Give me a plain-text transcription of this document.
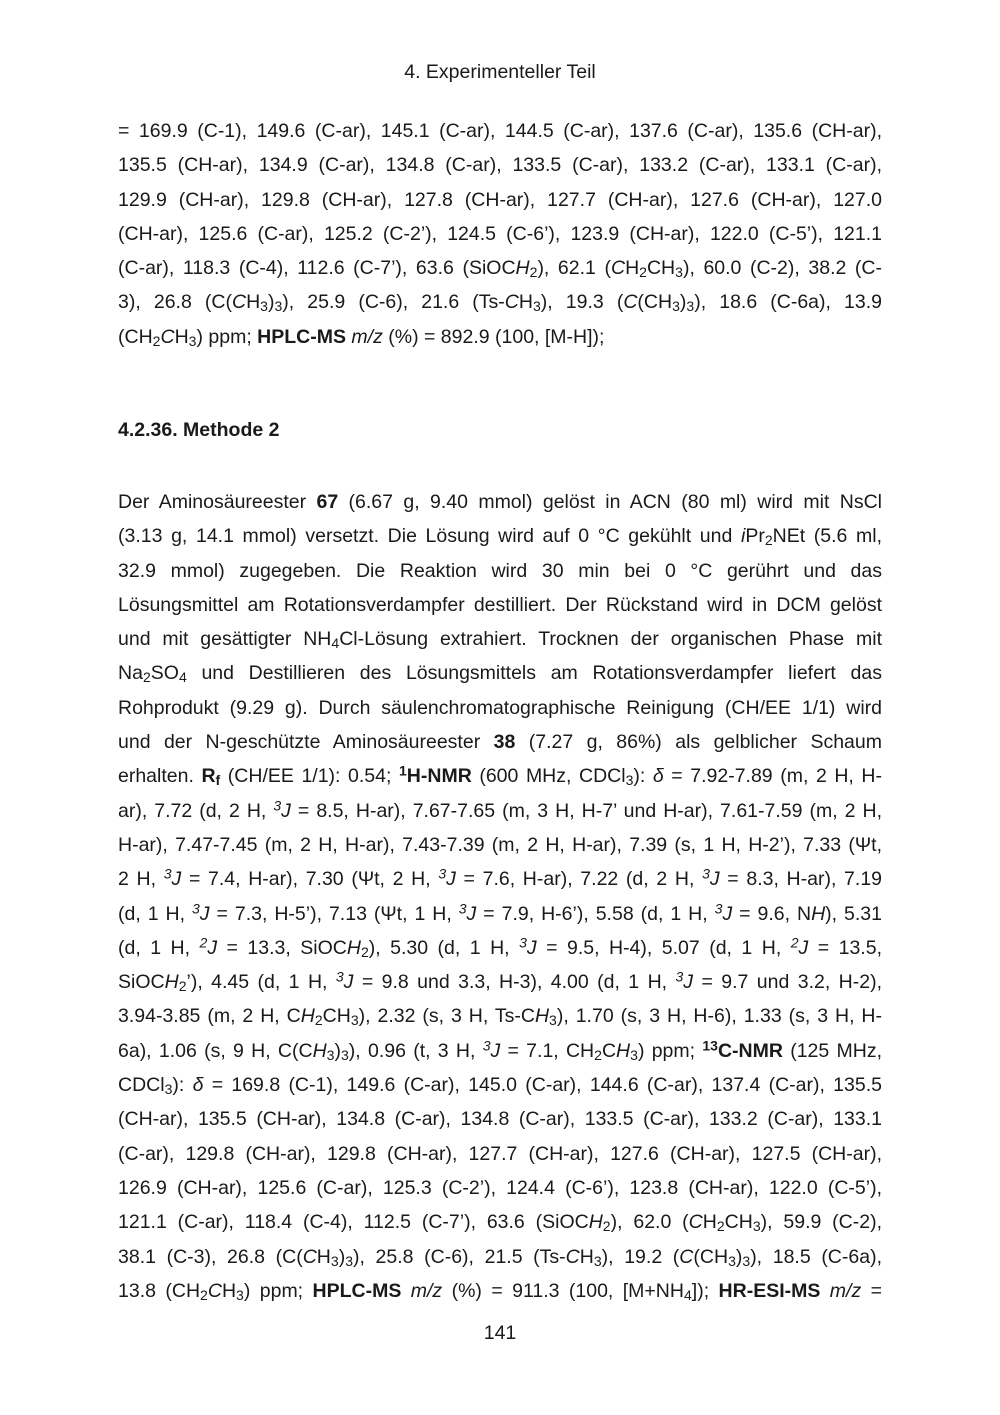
4. Experimenteller Teil
= 169.9 (C-1), 149.6 (C-ar), 145.1 (C-ar), 144.5 (C-ar), 137.6 (C-ar), 135.6 (CH-ar),
135.5 (CH-ar), 134.9 (C-ar), 134.8 (C-ar), 133.5 (C-ar), 133.2 (C-ar), 133.1 (C-ar),
129.9 (CH-ar), 129.8 (CH-ar), 127.8 (CH-ar), 127.7 (CH-ar), 127.6 (CH-ar), 127.0
(CH-ar), 125.6 (C-ar), 125.2 (C-2’), 124.5 (C-6’), 123.9 (CH-ar), 122.0 (C-5’), 121.1
(C-ar), 118.3 (C-4), 112.6 (C-7’), 63.6 (SiOCH$_2$), 62.1 $(CH_2CH_3)$, 60.0 (C-2), 38.2 (C-
3), 26.8 $(C(CH_3)_3)$, 25.9 (C-6), 21.6 $(Ts-CH_3)$, 19.3 $(C(CH_3)_3)$, 18.6 (C-6a), 13.9
$(CH_2CH_3)$ ppm; HPLC-MS m/z (%) = 892.9 (100, [M-H]);
4.2.36. Methode 2
Der Aminosäureester 67 (6.67 g, 9.40 mmol) gelöst in ACN (80 ml) wird mit NsCl
(3.13 g, 14.1 mmol) versetzt. Die Lösung wird auf 0 °C gekühlt und iPr$_2$NEt (5.6 ml,
32.9 mmol) zugegeben. Die Reaktion wird 30 min bei 0 °C gerührt und das
Lösungsmittel am Rotationsverdampfer destilliert. Der Rückstand wird in DCM gelöst
und mit gesättigter $NH_4Cl$-Lösung extrahiert. Trocknen der organischen Phase mit
$Na_2SO_4$ und Destillieren des Lösungsmittels am Rotationsverdampfer liefert das
Rohprodukt (9.29 g). Durch säulenchromatographische Reinigung (CH/EE 1/1) wird
und der N-geschützte Aminosäureester 38 (7.27 g, 86%) als gelblicher Schaum
erhalten. $R_f$ (CH/EE 1/1): 0.54; $^1$H-NMR (600 MHz, CDCl$_3$): δ = 7.92-7.89 (m, 2 H, H-
ar), 7.72 (d, 2 H, $^3$J = 8.5, H-ar), 7.67-7.65 (m, 3 H, H-7’ und H-ar), 7.61-7.59 (m, 2 H,
H-ar), 7.47-7.45 (m, 2 H, H-ar), 7.43-7.39 (m, 2 H, H-ar), 7.39 (s, 1 H, H-2’), 7.33 (Ψt,
2 H, $^3$J = 7.4, H-ar), 7.30 (Ψt, 2 H, $^3$J = 7.6, H-ar), 7.22 (d, 2 H, $^3$J = 8.3, H-ar), 7.19
(d, 1 H, $^3$J = 7.3, H-5’), 7.13 (Ψt, 1 H, $^3$J = 7.9, H-6’), 5.58 (d, 1 H, $^3$J = 9.6, NH), 5.31
(d, 1 H, $^2$J = 13.3, SiOCH$_2$), 5.30 (d, 1 H, $^3$J = 9.5, H-4), 5.07 (d, 1 H, $^2$J = 13.5,
SiOCH$_2$’), 4.45 (d, 1 H, $^3$J = 9.8 und 3.3, H-3), 4.00 (d, 1 H, $^3$J = 9.7 und 3.2, H-2),
3.94-3.85 (m, 2 H, $CH_2CH_3$), 2.32 (s, 3 H, $Ts-CH_3$), 1.70 (s, 3 H, H-6), 1.33 (s, 3 H, H-
6a), 1.06 (s, 9 H, $C(CH_3)_3$), 0.96 (t, 3 H, $^3$J = 7.1, $CH_2CH_3$) ppm; $^{13}$C-NMR (125 MHz,
CDCl$_3$): δ = 169.8 (C-1), 149.6 (C-ar), 145.0 (C-ar), 144.6 (C-ar), 137.4 (C-ar), 135.5
(CH-ar), 135.5 (CH-ar), 134.8 (C-ar), 134.8 (C-ar), 133.5 (C-ar), 133.2 (C-ar), 133.1
(C-ar), 129.8 (CH-ar), 129.8 (CH-ar), 127.7 (CH-ar), 127.6 (CH-ar), 127.5 (CH-ar),
126.9 (CH-ar), 125.6 (C-ar), 125.3 (C-2’), 124.4 (C-6’), 123.8 (CH-ar), 122.0 (C-5’),
121.1 (C-ar), 118.4 (C-4), 112.5 (C-7’), 63.6 (SiOCH$_2$), 62.0 $(CH_2CH_3)$, 59.9 (C-2),
38.1 (C-3), 26.8 $(C(CH_3)_3)$, 25.8 (C-6), 21.5 $(Ts-CH_3)$, 19.2 $(C(CH_3)_3)$, 18.5 (C-6a),
13.8 $(CH_2CH_3)$ ppm; HPLC-MS m/z (%) = 911.3 (100, $[M+NH_4]$); HR-ESI-MS m/z =
141
